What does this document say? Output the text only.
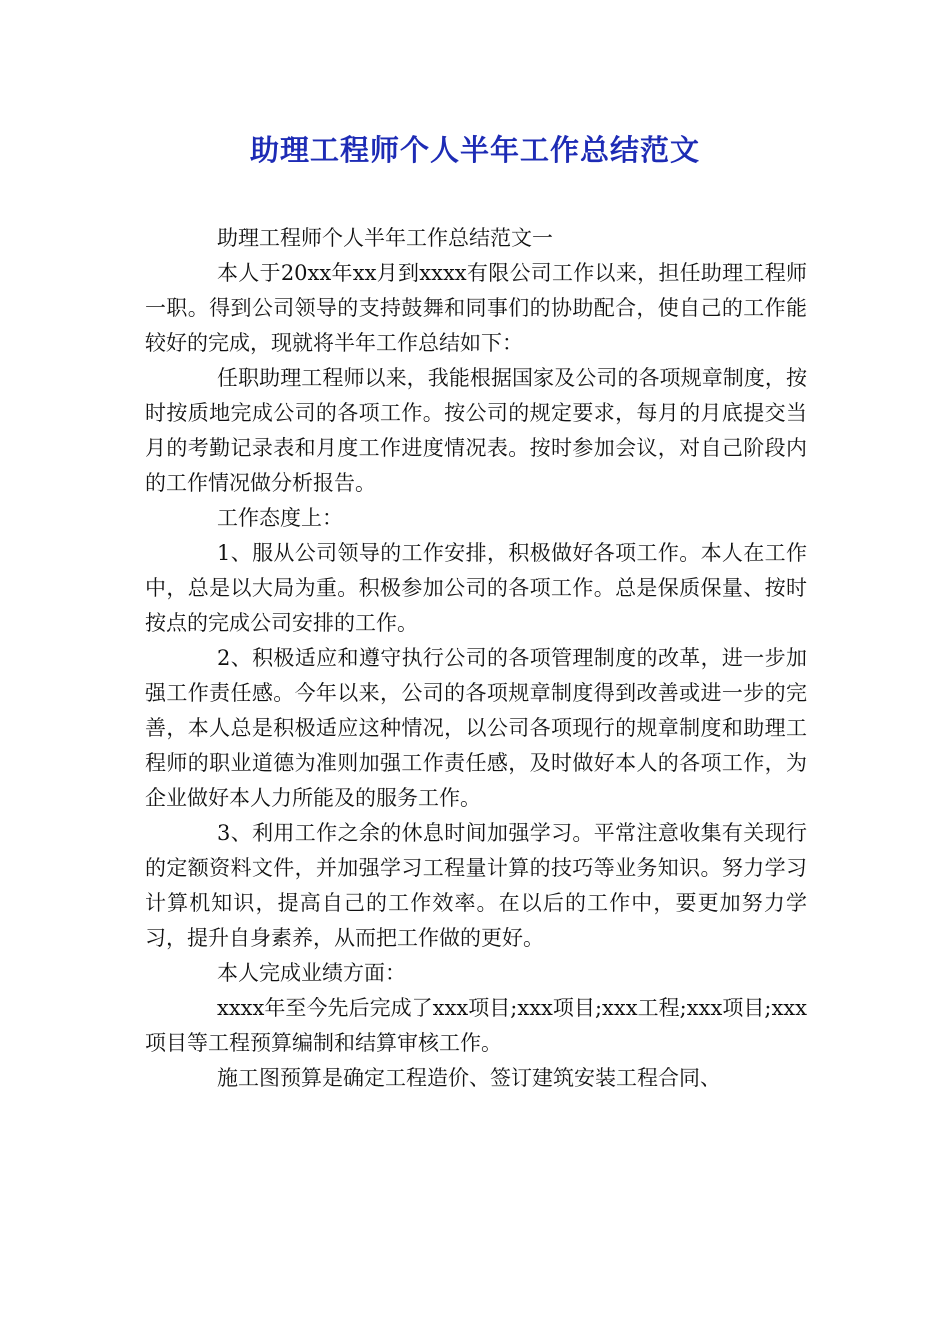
助理工程师个人半年工作总结范文

助理工程师个人半年工作总结范文一

本人于20xx年xx月到xxxx有限公司工作以来，担任助理工程师一职。得到公司领导的支持鼓舞和同事们的协助配合，使自己的工作能较好的完成，现就将半年工作总结如下：

任职助理工程师以来，我能根据国家及公司的各项规章制度，按时按质地完成公司的各项工作。按公司的规定要求，每月的月底提交当月的考勤记录表和月度工作进度情况表。按时参加会议，对自己阶段内的工作情况做分析报告。

工作态度上：

1、服从公司领导的工作安排，积极做好各项工作。本人在工作中，总是以大局为重。积极参加公司的各项工作。总是保质保量、按时按点的完成公司安排的工作。

2、积极适应和遵守执行公司的各项管理制度的改革，进一步加强工作责任感。今年以来，公司的各项规章制度得到改善或进一步的完善，本人总是积极适应这种情况，以公司各项现行的规章制度和助理工程师的职业道德为准则加强工作责任感，及时做好本人的各项工作，为企业做好本人力所能及的服务工作。

3、利用工作之余的休息时间加强学习。平常注意收集有关现行的定额资料文件，并加强学习工程量计算的技巧等业务知识。努力学习计算机知识，提高自己的工作效率。在以后的工作中，要更加努力学习，提升自身素养，从而把工作做的更好。

本人完成业绩方面：

xxxx年至今先后完成了xxx项目;xxx项目;xxx工程;xxx项目;xxx项目等工程预算编制和结算审核工作。

施工图预算是确定工程造价、签订建筑安装工程合同、
